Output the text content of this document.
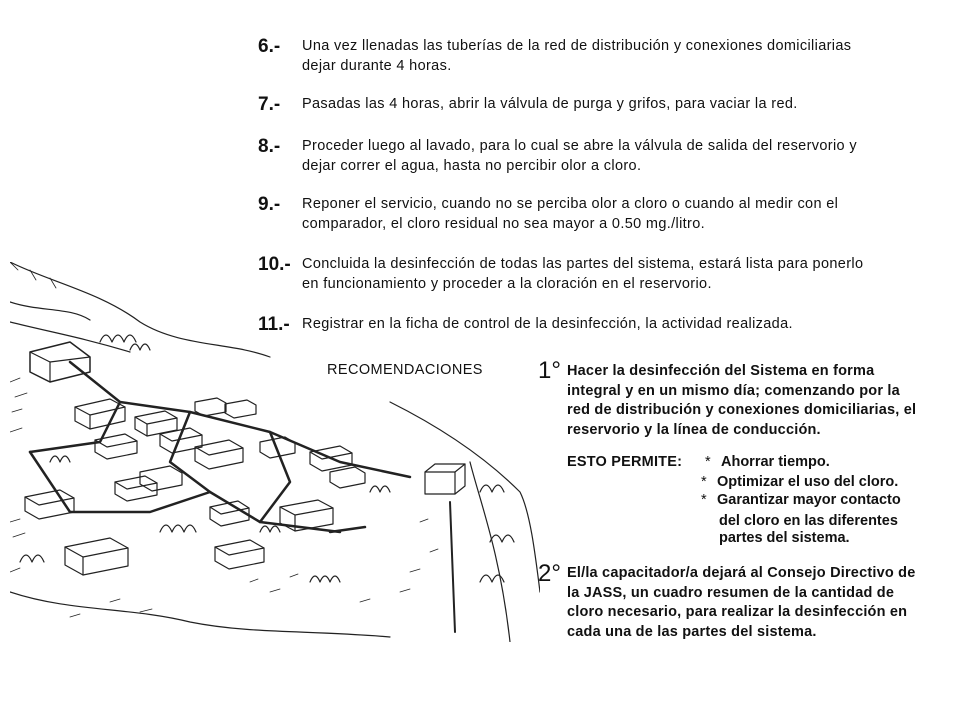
6.- Una vez llenadas las tuberías de la red de distribución y conexiones domiciliarias
dejar durante 4 horas.
7.- Pasadas las 4 horas, abrir la válvula de purga y grifos, para vaciar la red.
8.- Proceder luego al lavado, para lo cual se abre la válvula de salida del reservorio y
dejar correr el agua, hasta no percibir olor a cloro.
9.- Reponer el servicio, cuando no se perciba olor a cloro o cuando al medir con el
comparador, el cloro residual no sea mayor a 0.50 mg./litro.
10.- Concluida la desinfección de todas las partes del sistema, estará lista para ponerlo
en funcionamiento y proceder a la cloración en el reservorio.
11.- Registrar en la ficha de control de la desinfección, la actividad realizada.
RECOMENDACIONES 1° Hacer la desinfección del Sistema en forma
integral y en un mismo día; comenzando por la
red de distribución y conexiones domiciliarias, el
reservorio y la línea de conducción.
ESTO PERMITE: * Ahorrar tiempo.
* Optimizar el uso del cloro.
* Garantizar mayor contacto
del cloro en las diferentes
partes del sistema.
2° El/la capacitador/a dejará al Consejo Directivo de
la JASS, un cuadro resumen de la cantidad de
cloro necesario, para realizar la desinfección en
cada una de las partes del sistema.
